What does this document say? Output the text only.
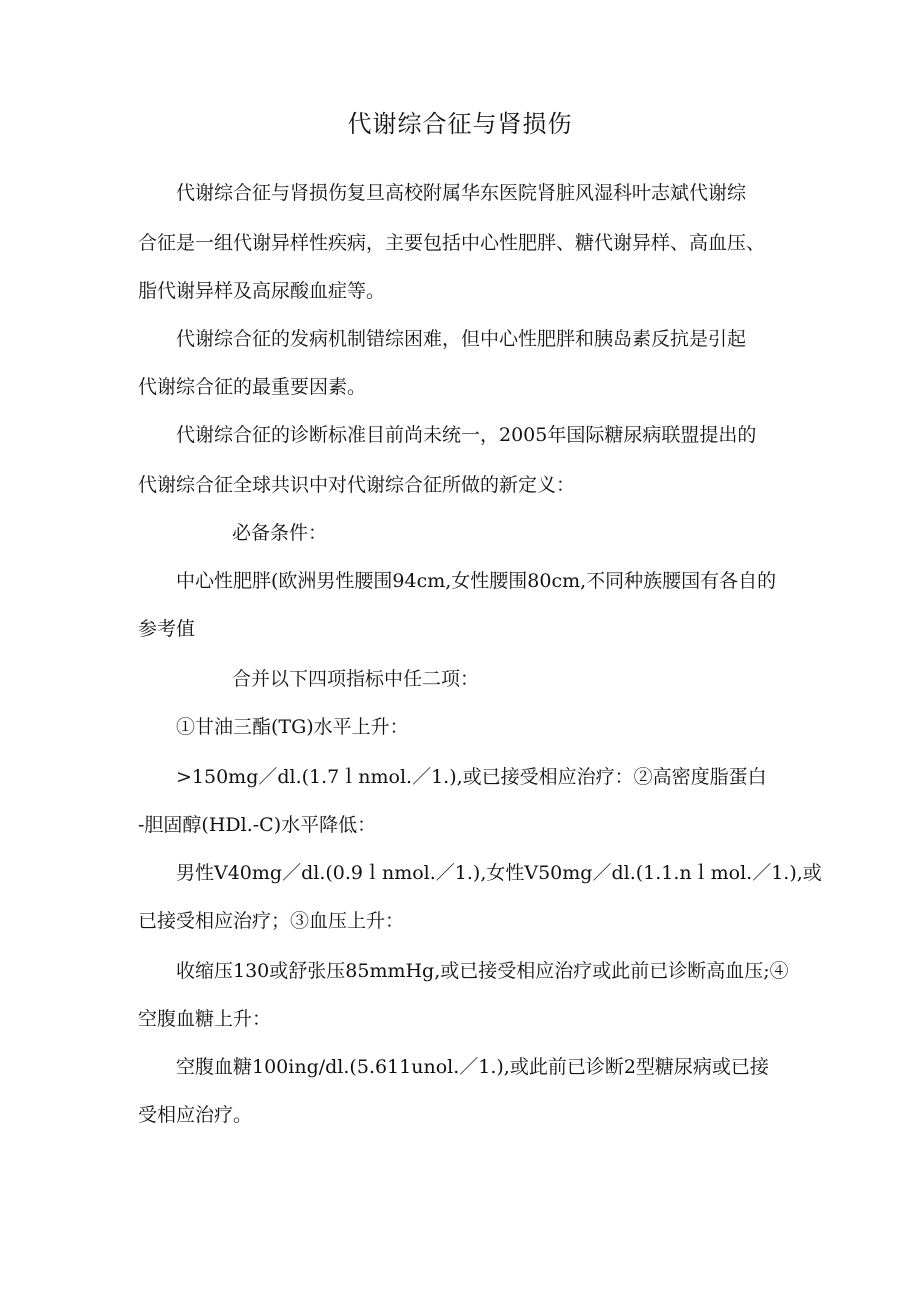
代谢综合征与肾损伤
代谢综合征与肾损伤复旦高校附属华东医院肾脏风湿科叶志斌代谢综
合征是一组代谢异样性疾病，主要包括中心性肥胖、糖代谢异样、高血压、
脂代谢异样及高尿酸血症等。
代谢综合征的发病机制错综困难，但中心性肥胖和胰岛素反抗是引起
代谢综合征的最重要因素。
代谢综合征的诊断标准目前尚未统一，2005年国际糖尿病联盟提出的
代谢综合征全球共识中对代谢综合征所做的新定义：
必备条件：
中心性肥胖(欧洲男性腰围94cm,女性腰围80cm,不同种族腰国有各自的
参考值
合并以下四项指标中任二项：
①甘油三酯(TG)水平上升：
>150mg／dl.(1.7ｌnmol.／1.),或已接受相应治疗：②高密度脂蛋白
-胆固醇(HDl.-C)水平降低：
男性V40mg／dl.(0.9ｌnmol.／1.),女性V50mg／dl.(1.1.nｌmol.／1.),或
已接受相应治疗；③血压上升：
收缩压130或舒张压85mmHg,或已接受相应治疗或此前已诊断高血压;④
空腹血糖上升：
空腹血糖100ing/dl.(5.611unol.／1.),或此前已诊断2型糖尿病或已接
受相应治疗。
